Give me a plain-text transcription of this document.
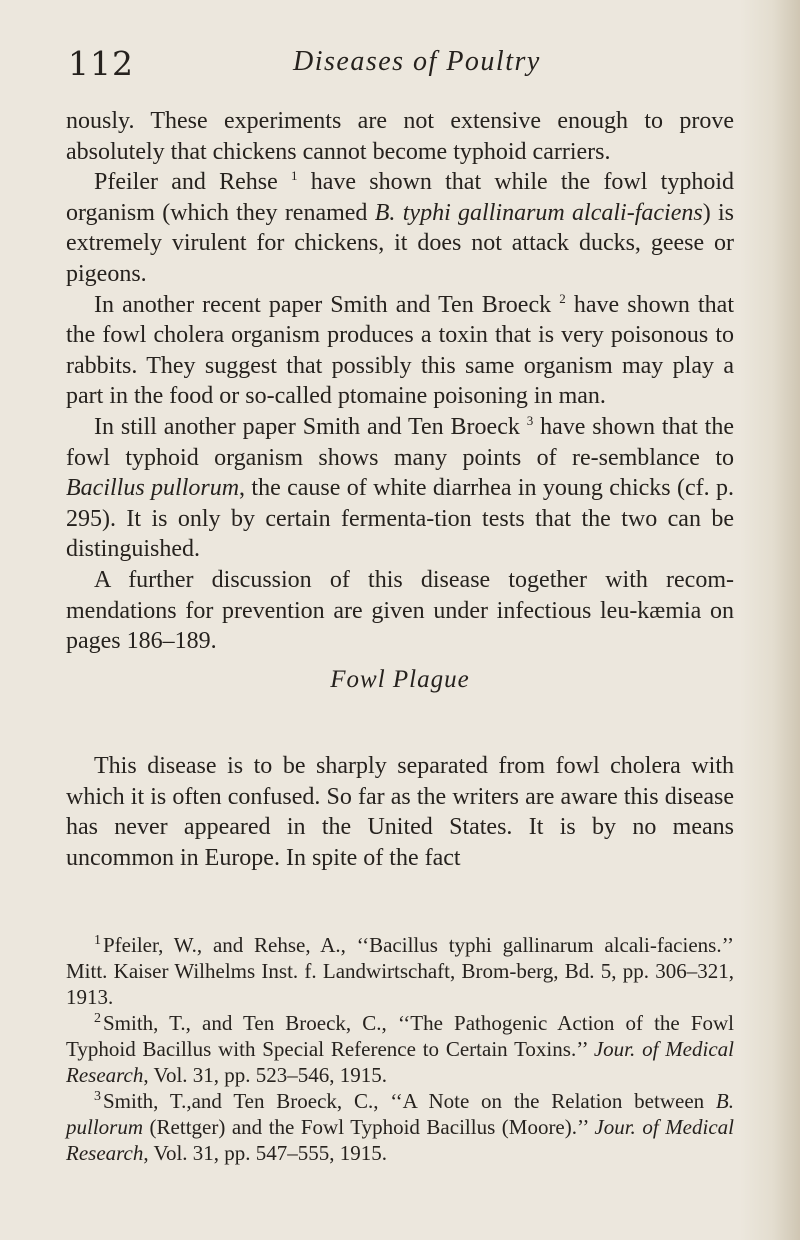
112	Diseases of Poultry

nously. These experiments are not extensive enough to prove absolutely that chickens cannot become typhoid carriers.

Pfeiler and Rehse $^1$ have shown that while the fowl typhoid organism (which they renamed B. typhi gallinarum alcali-faciens) is extremely virulent for chickens, it does not attack ducks, geese or pigeons.

In another recent paper Smith and Ten Broeck $^2$ have shown that the fowl cholera organism produces a toxin that is very poisonous to rabbits. They suggest that possibly this same organism may play a part in the food or so-called ptomaine poisoning in man.

In still another paper Smith and Ten Broeck $^3$ have shown that the fowl typhoid organism shows many points of re-semblance to Bacillus pullorum, the cause of white diarrhea in young chicks (cf. p. 295). It is only by certain fermenta-tion tests that the two can be distinguished.

A further discussion of this disease together with recom-mendations for prevention are given under infectious leu-kæmia on pages 186–189.

Fowl Plague

This disease is to be sharply separated from fowl cholera with which it is often confused. So far as the writers are aware this disease has never appeared in the United States. It is by no means uncommon in Europe. In spite of the fact

$^1$Pfeiler, W., and Rehse, A., ‘‘Bacillus typhi gallinarum alcali-faciens.’’ Mitt. Kaiser Wilhelms Inst. f. Landwirtschaft, Brom-berg, Bd. 5, pp. 306–321, 1913.

$^2$Smith, T., and Ten Broeck, C., ‘‘The Pathogenic Action of the Fowl Typhoid Bacillus with Special Reference to Certain Toxins.’’ Jour. of Medical Research, Vol. 31, pp. 523–546, 1915.

$^3$Smith, T.,and Ten Broeck, C., ‘‘A Note on the Relation between B. pullorum (Rettger) and the Fowl Typhoid Bacillus (Moore).’’ Jour. of Medical Research, Vol. 31, pp. 547–555, 1915.
